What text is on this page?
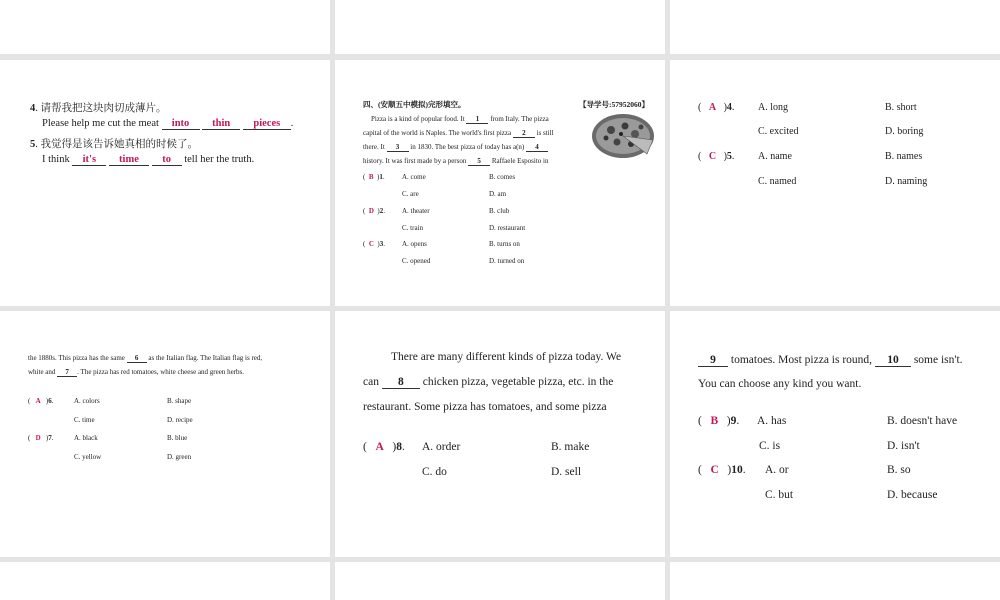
4. 请帮我把这块肉切成薄片。
Please help me cut the meat into thin pieces .
5. 我觉得是该告诉她真相的时候了。
I think it's time to tell her the truth.
四、(安顺五中模拟)完形填空。	【导学号:57952060】
Pizza is a kind of popular food. It 1 from Italy. The pizza
capital of the world is Naples. The world's first pizza 2 is still
there. It 3 in 1830. The best pizza of today has a(n) 4
history. It was first made by a person 5 Raffaele Esposito in
(  B  )1. A. come	B. comes
C. are	D. am
(  D  )2. A. theater	B. club
C. train	D. restaurant
(  C  )3. A. opens	B. turns on
C. opened	D. turned on
(   A   )4. A. long	B. short
C. excited	D. boring
(   C   )5. A. name	B. names
C. named	D. naming
the 1880s. This pizza has the same 6 as the Italian flag. The Italian flag is red,
white and 7 . The pizza has red tomatoes, white cheese and green herbs.
(   A   )6.	A. colors	B. shape
C. time	D. recipe
(   D   )7.	A. black	B. blue
C. yellow	D. green
There are many different kinds of pizza today. We
can 8 chicken pizza, vegetable pizza, etc. in the
restaurant. Some pizza has tomatoes, and some pizza
(   A   )8. A. order	B. make
C. do	D. sell
9 tomatoes. Most pizza is round, 10 some isn't.
You can choose any kind you want.
(   B   )9. A. has	B. doesn't have
C. is	D. isn't
(   C   )10. A. or	B. so
C. but	D. because
